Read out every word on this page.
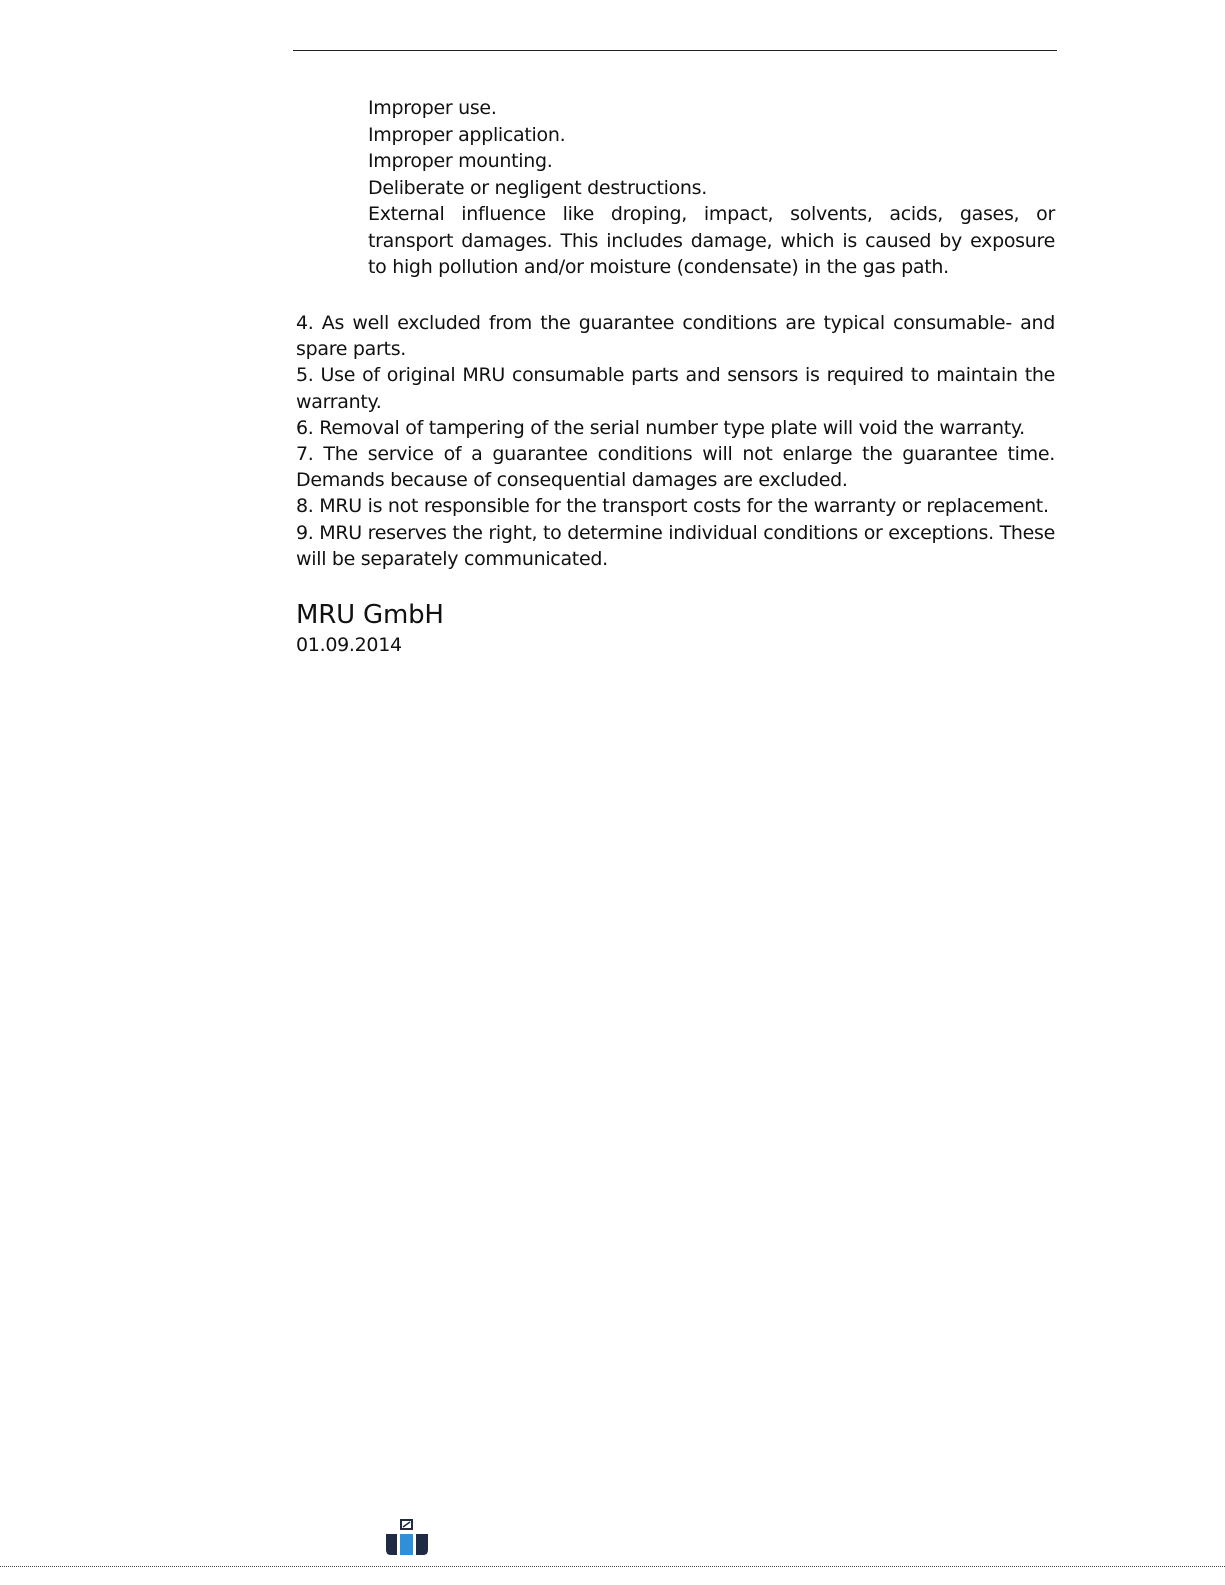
Improper use.
Improper application.
Improper mounting.
Deliberate or negligent destructions.
External influence like droping, impact, solvents, acids, gases, or transport damages. This includes damage, which is caused by exposure to high pollution and/or moisture (condensate) in the gas path.

4. As well excluded from the guarantee conditions are typical consumable- and spare parts.

5. Use of original MRU consumable parts and sensors is required to maintain the warranty.

6. Removal of tampering of the serial number type plate will void the warranty.

7. The service of a guarantee conditions will not enlarge the guarantee time. Demands because of consequential damages are excluded.

8. MRU is not responsible for the transport costs for the warranty or replacement.

9. MRU reserves the right, to determine individual conditions or exceptions. These will be separately communicated.

MRU GmbH
01.09.2014
